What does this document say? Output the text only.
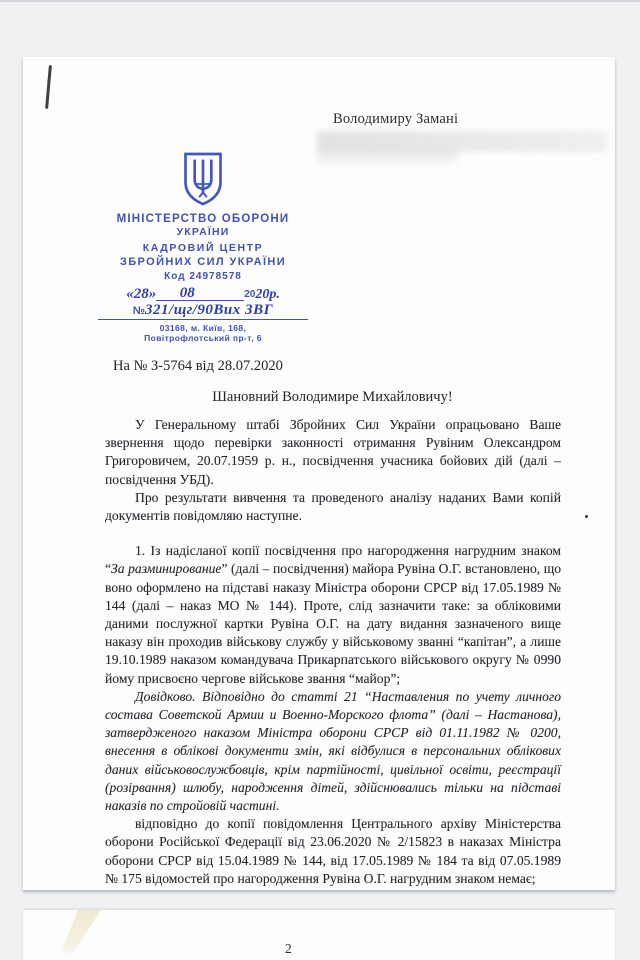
Володимиру Замані
МІНІСТЕРСТВО ОБОРОНИ
УКРАЇНИ
КАДРОВИЙ ЦЕНТР
ЗБРОЙНИХ СИЛ УКРАЇНИ
Код 24978578
«28»	08	20 20р.
№ 321/щг/90Вих ЗВГ
03168, м. Київ, 168,
Повітрофлотський пр-т, 6
На № З-5764 від 28.07.2020
Шановний Володимире Михайловичу!

У Генеральному штабі Збройних Сил України опрацьовано Ваше звернення щодо перевірки законності отримання Рувіним Олександром Григоровичем, 20.07.1959 р. н., посвідчення учасника бойових дій (далі – посвідчення УБД).

Про результати вивчення та проведеного аналізу наданих Вами копій документів повідомляю наступне.

1. Із надісланої копії посвідчення про нагородження нагрудним знаком “За разминирование” (далі – посвідчення) майора Рувіна О.Г. встановлено, що воно оформлено на підставі наказу Міністра оборони СРСР від 17.05.1989 № 144 (далі – наказ МО № 144). Проте, слід зазначити таке: за обліковими даними послужної картки Рувіна О.Г. на дату видання зазначеного вище наказу він проходив військову службу у військовому званні “капітан”, а лише 19.10.1989 наказом командувача Прикарпатського військового округу № 0990 йому присвоєно чергове військове звання “майор”;

Довідково. Відповідно до статті 21 “Наставления по учету личного состава Советской Армии и Военно-Морского флота” (далі – Настанова), затвердженого наказом Міністра оборони СРСР від 01.11.1982 № 0200, внесення в облікові документи змін, які відбулися в персональних облікових даних військовослужбовців, крім партійності, цивільної освіти, реєстрації (розірвання) шлюбу, народження дітей, здійснювались тільки на підставі наказів по стройовій частині.

відповідно до копії повідомлення Центрального архіву Міністерства оборони Російської Федерації від 23.06.2020 № 2/15823 в наказах Міністра оборони СРСР від 15.04.1989 № 144, від 17.05.1989 № 184 та від 07.05.1989 № 175 відомостей про нагородження Рувіна О.Г. нагрудним знаком немає;

2
